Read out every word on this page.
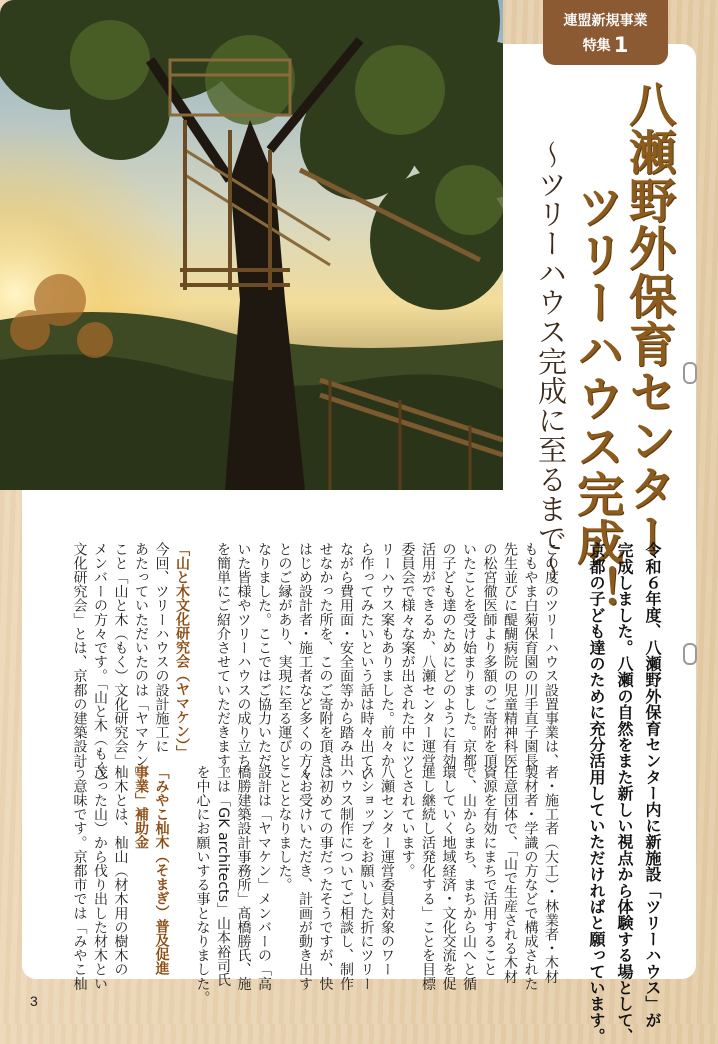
連盟新規事業
特集 1
八瀬野外保育センター
ツリーハウス完成！
〜ツリーハウス完成に至るまで〜
令和６年度、八瀬野外保育センター内に新施設「ツリーハウス」が
完成しました。八瀬の自然をまた新しい視点から体験する場として、
京都の子ども達のために充分活用していただければと願っています。
この度のツリーハウス設置事業は、
ももやま白菊保育園の川手直子園長
先生並びに醍醐病院の児童精神科医
の松宮徹医師より多額のご寄附を頂
いたことを受け始まりました。京都
の子ども達のためにどのように有効
活用ができるか、八瀬センター運営
委員会で様々な案が出された中にツ
リーハウス案もありました。前々か
ら作ってみたいという話は時々出てい
ながら費用面・安全面等から踏み出
せなかった所を、このご寄附を頂き、
はじめ設計者・施工者など多くの方々
とのご縁があり、実現に至る運びと
なりました。ここではご協力いただ
いた皆様やツリーハウスの成り立ち
を簡単にご紹介させていただきます。
「山と木文化研究会（ヤマケン）」
今回、ツリーハウスの設計施工に
あたっていただいたのは「ヤマケン」
こと「山と木（もく）文化研究会」
メンバーの方々です。「山と木（もく）
文化研究会」とは、京都の建築設計
者・施工者（大工）・林業者・木材
製材者・学識の方などで構成された
任意団体で、「山で生産される木材
資源を有効にまちで活用すること
で、山からまち、まちから山へと循
環していく地域経済・文化交流を促
進し継続し活発化する」ことを目標
とされています。
八瀬センター運営委員対象のワー
クショップをお願いした折にツリー
ハウス制作についてご相談し、制作
は初めての事だったそうですが、快
くお受けいただき、計画が動き出す
こととなりました。
設計は「ヤマケン」メンバーの「高
橋勝建築設計事務所」髙橋勝氏、施
工は「GK architects」山本裕司氏
を中心にお願いする事となりました。
「みやこ杣木（そまぎ）普及促進
事業」補助金
杣木とは、杣山（材木用の樹木の
茂った山）から伐り出した材木とい
う意味です。京都市では「みやこ杣
3
